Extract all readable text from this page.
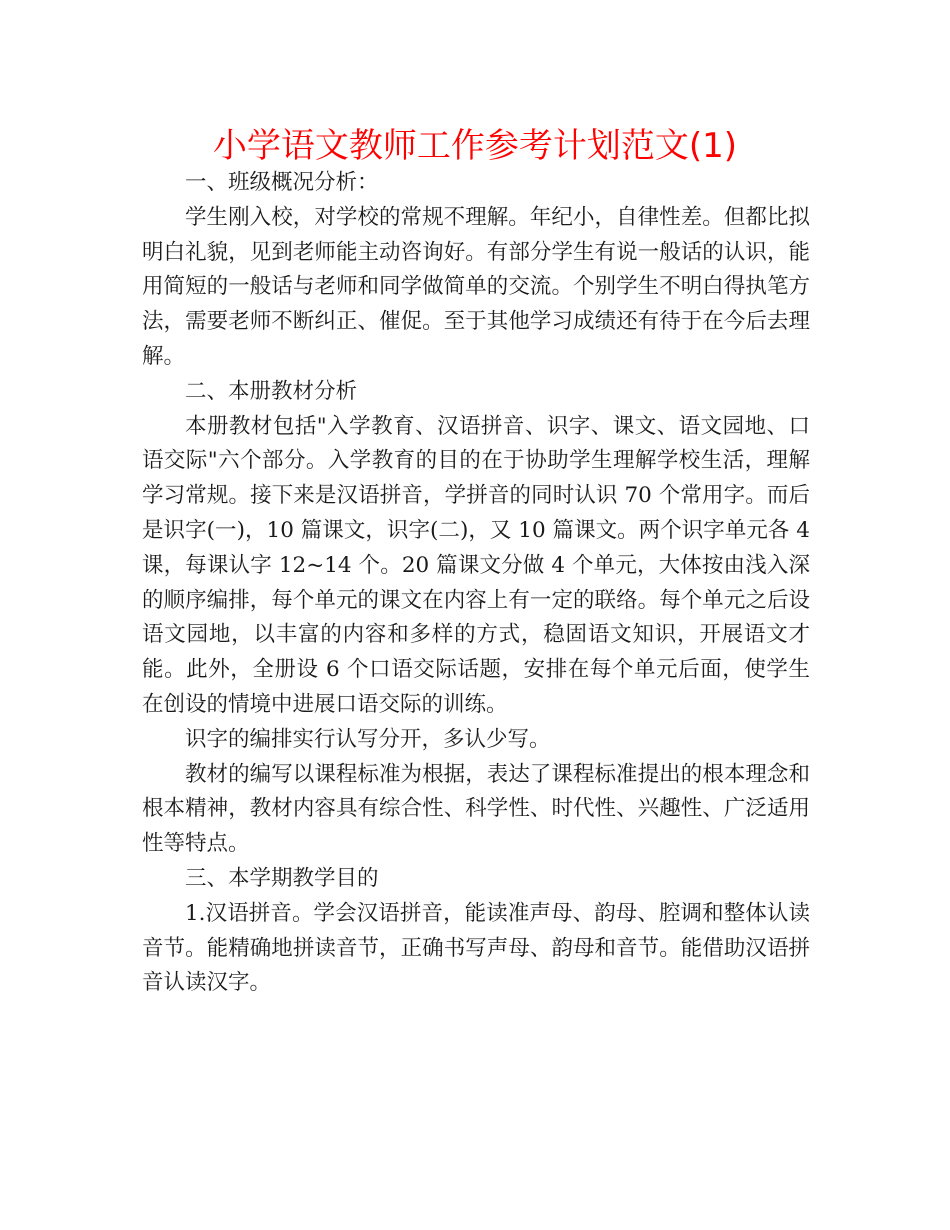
小学语文教师工作参考计划范文(1)

一、班级概况分析：

学生刚入校，对学校的常规不理解。年纪小，自律性差。但都比拟明白礼貌，见到老师能主动咨询好。有部分学生有说一般话的认识，能用简短的一般话与老师和同学做简单的交流。个别学生不明白得执笔方法，需要老师不断纠正、催促。至于其他学习成绩还有待于在今后去理解。

二、本册教材分析

本册教材包括"入学教育、汉语拼音、识字、课文、语文园地、口语交际"六个部分。入学教育的目的在于协助学生理解学校生活，理解学习常规。接下来是汉语拼音，学拼音的同时认识 70 个常用字。而后是识字(一)，10 篇课文，识字(二)，又 10 篇课文。两个识字单元各 4 课，每课认字 12~14 个。20 篇课文分做 4 个单元，大体按由浅入深的顺序编排，每个单元的课文在内容上有一定的联络。每个单元之后设语文园地，以丰富的内容和多样的方式，稳固语文知识，开展语文才能。此外，全册设 6 个口语交际话题，安排在每个单元后面，使学生在创设的情境中进展口语交际的训练。

识字的编排实行认写分开，多认少写。

教材的编写以课程标准为根据，表达了课程标准提出的根本理念和根本精神，教材内容具有综合性、科学性、时代性、兴趣性、广泛适用性等特点。

三、本学期教学目的

1.汉语拼音。学会汉语拼音，能读准声母、韵母、腔调和整体认读音节。能精确地拼读音节，正确书写声母、韵母和音节。能借助汉语拼音认读汉字。
